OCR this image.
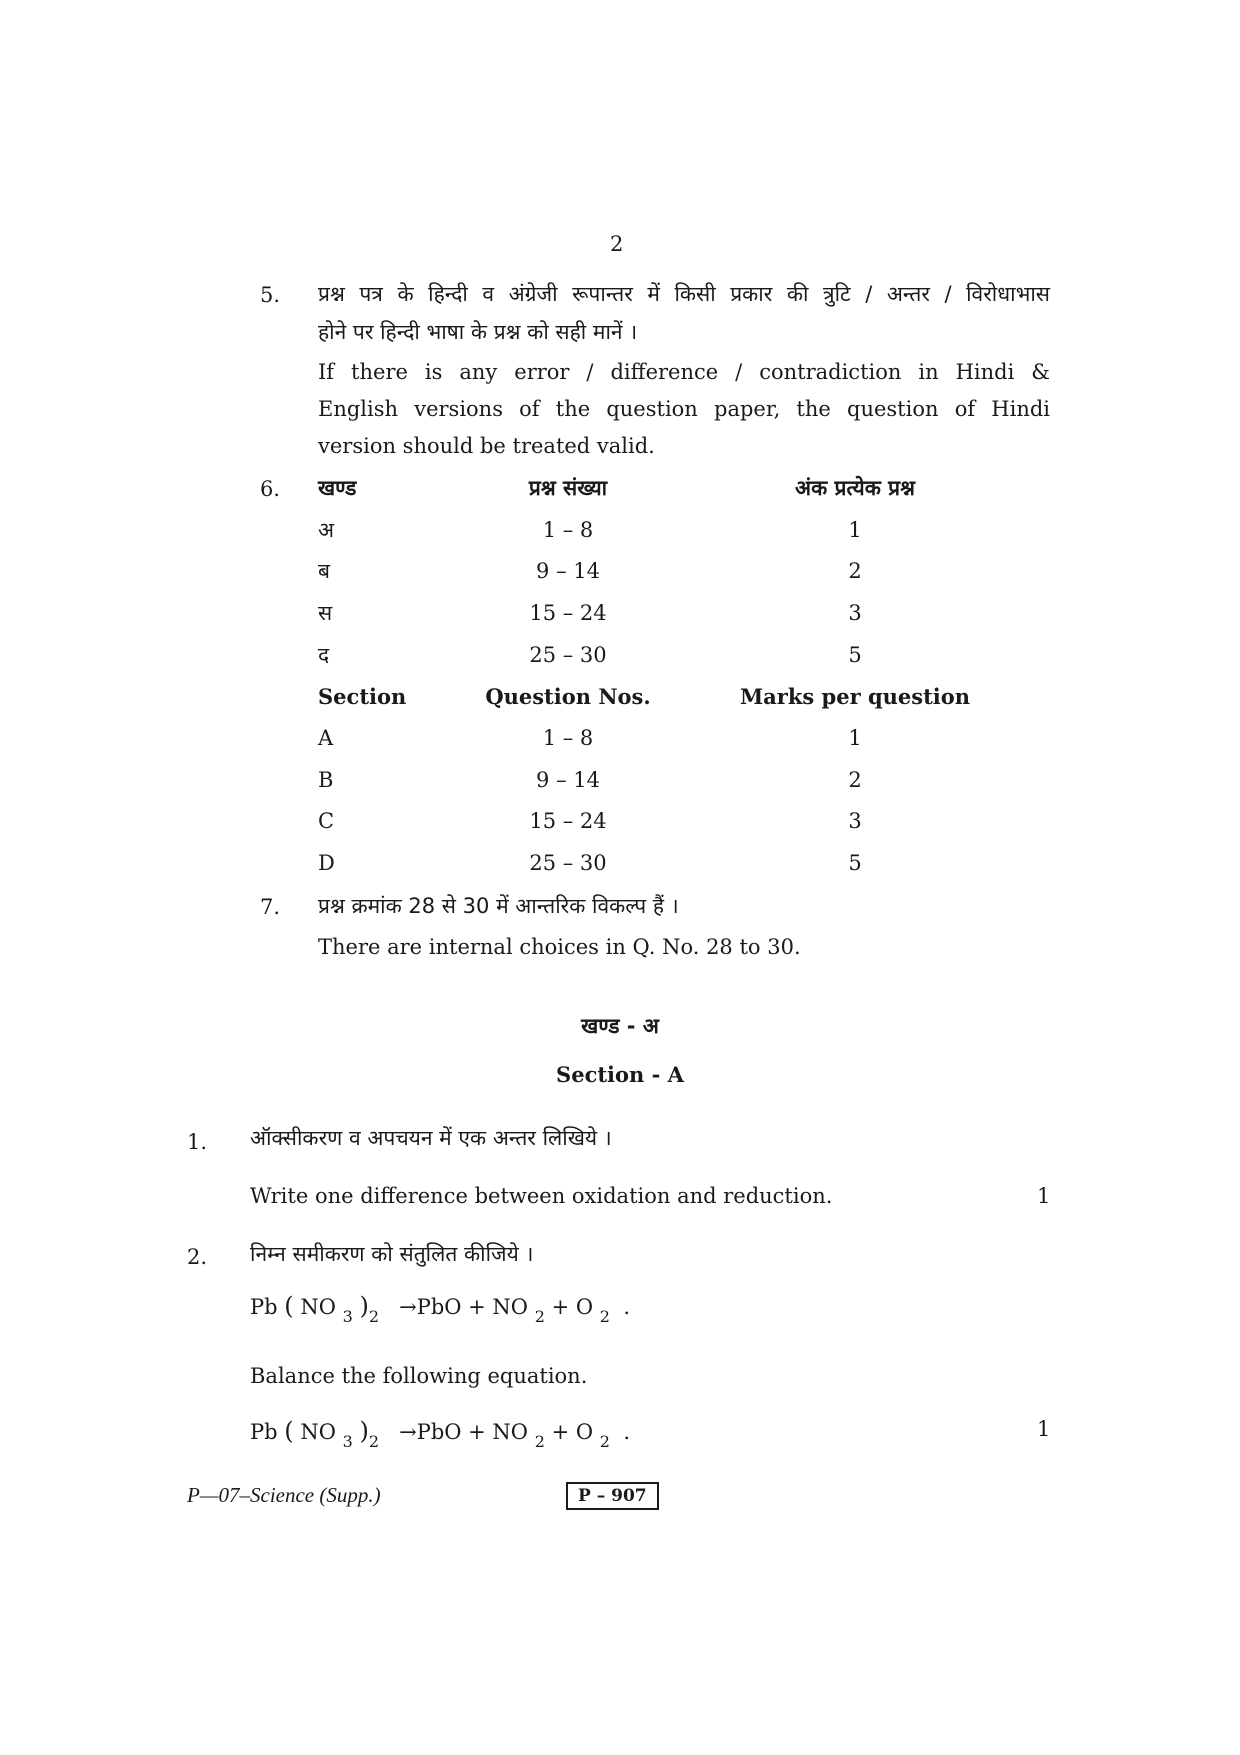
2
5. प्रश्न पत्र के हिन्दी व अंग्रेजी रूपान्तर में किसी प्रकार की त्रुटि / अन्तर / विरोधाभास
होने पर हिन्दी भाषा के प्रश्न को सही मानें ।
If there is any error / difference / contradiction in Hindi &
English versions of the question paper, the question of Hindi
version should be treated valid.
6. खण्ड	प्रश्न संख्या	अंक प्रत्येक प्रश्न
अ	1 – 8	1
ब	9 – 14	2
स	15 – 24	3
द	25 – 30	5
Section	Question Nos.	Marks per question
A	1 – 8	1
B	9 – 14	2
C	15 – 24	3
D	25 – 30	5
7. प्रश्न क्रमांक 28 से 30 में आन्तरिक विकल्प हैं ।
There are internal choices in Q. No. 28 to 30.
खण्ड - अ
Section - A
1. ऑक्सीकरण व अपचयन में एक अन्तर लिखिये ।
Write one difference between oxidation and reduction.	1
2. निम्न समीकरण को संतुलित कीजिये ।
Pb ( NO $_3$ )$_2 \to PbO$ + NO $_2$ + O $_2$ .
Balance the following equation.
Pb ( NO $_3$ )$_2 \to PbO$ + NO $_2$ + O $_2$ .	1
P—07–Science (Supp.)	P – 907
